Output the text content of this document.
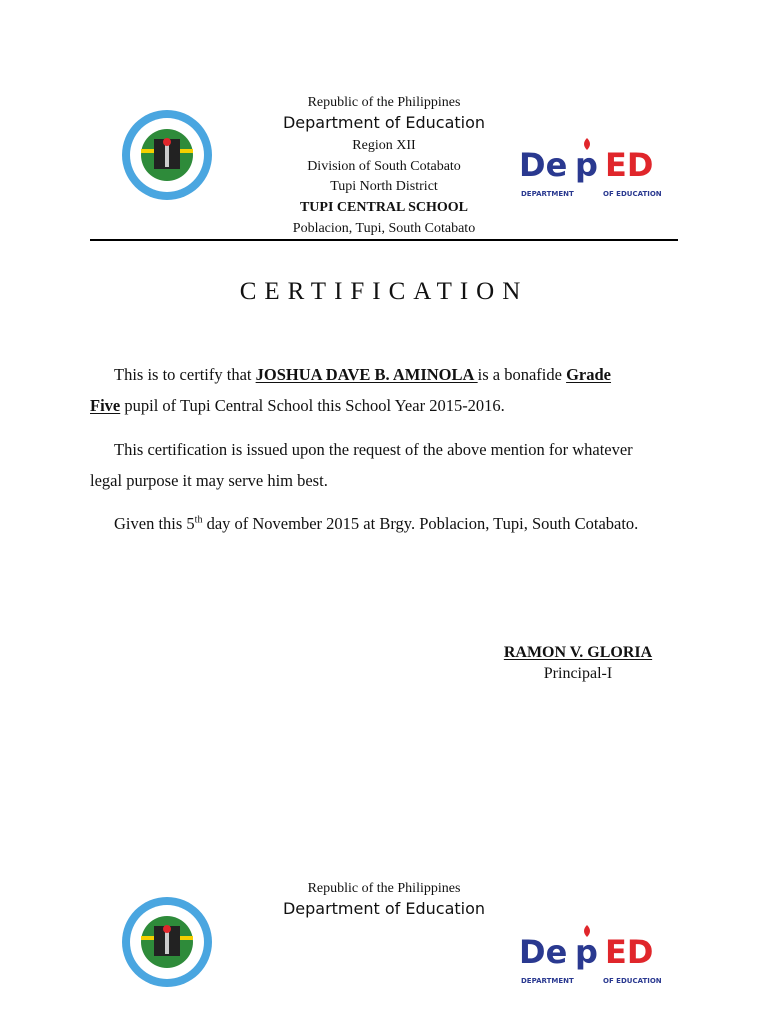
De p ED
DEPARTMENT	OF EDUCATION
Republic of the Philippines
Department of Education
Region XII
Division of South Cotabato
Tupi North District
TUPI CENTRAL SCHOOL
Poblacion, Tupi, South Cotabato
CERTIFICATION
This is to certify that JOSHUA DAVE B. AMINOLA is a bonafide Grade
Five pupil of Tupi Central School this School Year 2015-2016.
This certification is issued upon the request of the above mention for whatever
legal purpose it may serve him best.
Given this 5th day of November 2015 at Brgy. Poblacion, Tupi, South Cotabato.
RAMON V. GLORIA
Principal-I
De p ED
DEPARTMENT	OF EDUCATION
Republic of the Philippines
Department of Education
